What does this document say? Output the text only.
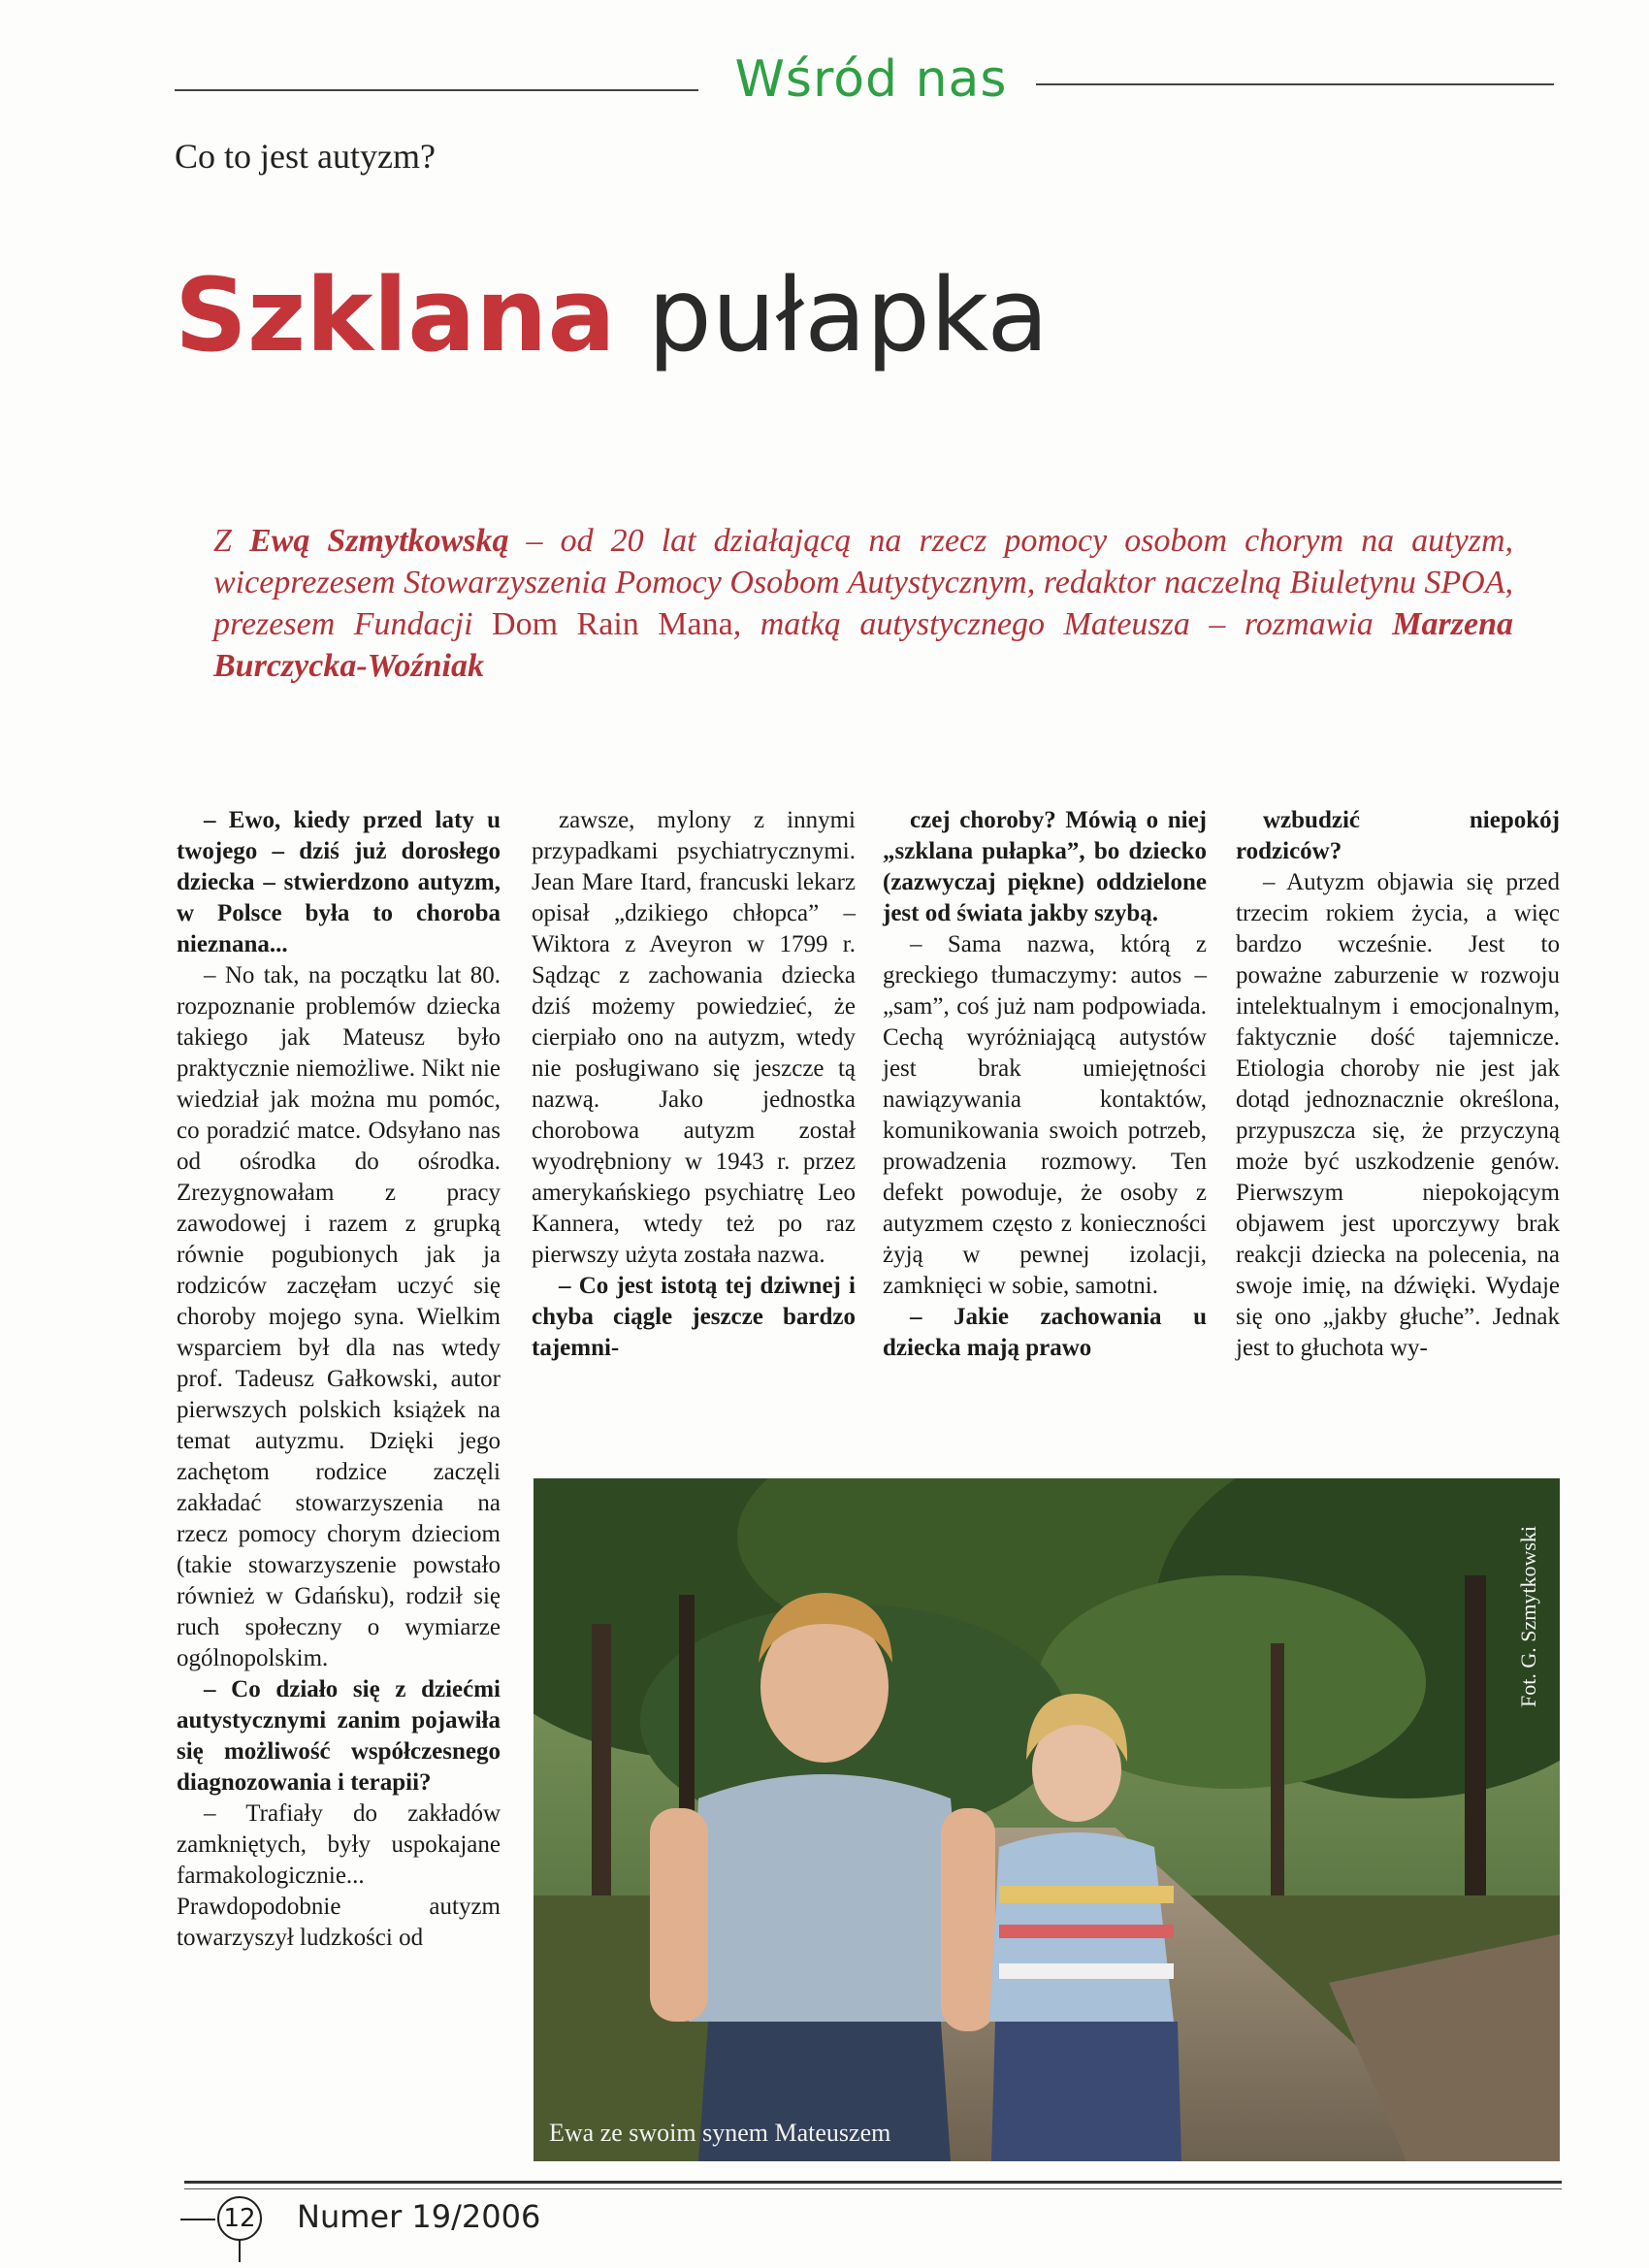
Wśród nas
Co to jest autyzm?
Szklana pułapka
Z Ewą Szmytkowską – od 20 lat działającą na rzecz pomocy osobom chorym na autyzm, wiceprezesem Stowarzyszenia Pomocy Osobom Autystycznym, redaktor naczelną Biuletynu SPOA, prezesem Fundacji Dom Rain Mana, matką autystycznego Mateusza – rozmawia Marzena Burczycka-Woźniak

– Ewo, kiedy przed laty u twojego – dziś już dorosłego dziecka – stwierdzono autyzm, w Polsce była to choroba nieznana...

– No tak, na początku lat 80. rozpoznanie problemów dziecka takiego jak Mateusz było praktycznie niemożliwe. Nikt nie wiedział jak można mu pomóc, co poradzić matce. Odsyłano nas od ośrodka do ośrodka. Zrezygnowałam z pracy zawodowej i razem z grupką równie pogubionych jak ja rodziców zaczęłam uczyć się choroby mojego syna. Wielkim wsparciem był dla nas wtedy prof. Tadeusz Gałkowski, autor pierwszych polskich książek na temat autyzmu. Dzięki jego zachętom rodzice zaczęli zakładać stowarzyszenia na rzecz pomocy chorym dzieciom (takie stowarzyszenie powstało również w Gdańsku), rodził się ruch społeczny o wymiarze ogólnopolskim.

– Co działo się z dziećmi autystycznymi zanim pojawiła się możliwość współczesnego diagnozowania i terapii?

– Trafiały do zakładów zamkniętych, były uspokajane farmakologicznie... Prawdopodobnie autyzm towarzyszył ludzkości od

zawsze, mylony z innymi przypadkami psychiatrycznymi. Jean Mare Itard, francuski lekarz opisał „dzikiego chłopca” – Wiktora z Aveyron w 1799 r. Sądząc z zachowania dziecka dziś możemy powiedzieć, że cierpiało ono na autyzm, wtedy nie posługiwano się jeszcze tą nazwą. Jako jednostka chorobowa autyzm został wyodrębniony w 1943 r. przez amerykańskiego psychiatrę Leo Kannera, wtedy też po raz pierwszy użyta została nazwa.

– Co jest istotą tej dziwnej i chyba ciągle jeszcze bardzo tajemni-

czej choroby? Mówią o niej „szklana pułapka”, bo dziecko (zazwyczaj piękne) oddzielone jest od świata jakby szybą.

– Sama nazwa, którą z greckiego tłumaczymy: autos – „sam”, coś już nam podpowiada. Cechą wyróżniającą autystów jest brak umiejętności nawiązywania kontaktów, komunikowania swoich potrzeb, prowadzenia rozmowy. Ten defekt powoduje, że osoby z autyzmem często z konieczności żyją w pewnej izolacji, zamknięci w sobie, samotni.

– Jakie zachowania u dziecka mają prawo

wzbudzić niepokój rodziców?

– Autyzm objawia się przed trzecim rokiem życia, a więc bardzo wcześnie. Jest to poważne zaburzenie w rozwoju intelektualnym i emocjonalnym, faktycznie dość tajemnicze. Etiologia choroby nie jest jak dotąd jednoznacznie określona, przypuszcza się, że przyczyną może być uszkodzenie genów. Pierwszym niepokojącym objawem jest uporczywy brak reakcji dziecka na polecenia, na swoje imię, na dźwięki. Wydaje się ono „jakby głuche”. Jednak jest to głuchota wy-

Ewa ze swoim synem Mateuszem
Fot. G. Szmytkowski
12 Numer 19/2006
